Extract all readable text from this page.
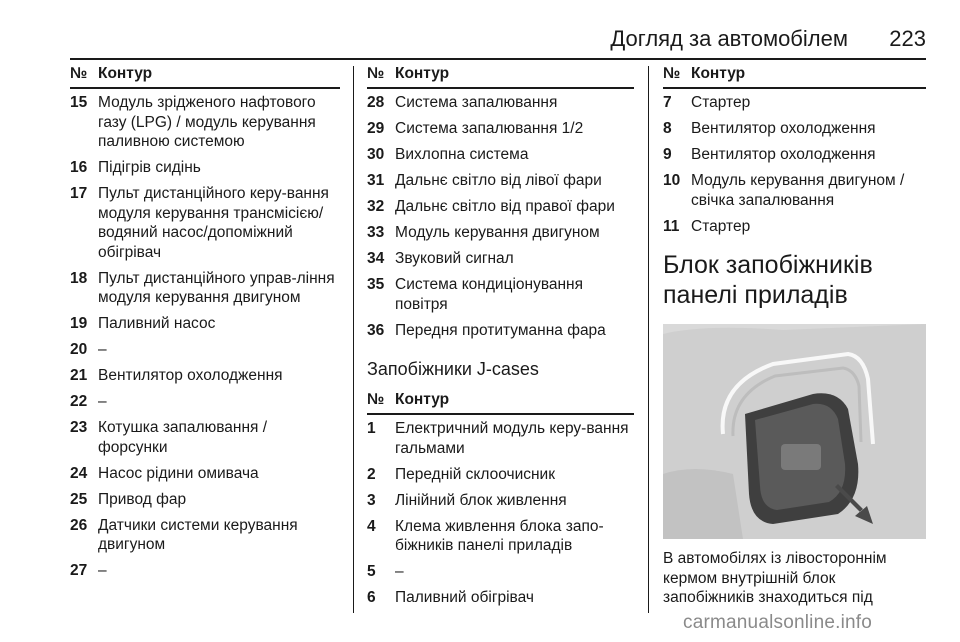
Догляд за автомобілем 223
№ Контур
15 Модуль зрідженого нафтового газу (LPG) / модуль керування паливною системою
16 Підігрів сидінь
17 Пульт дистанційного керу-вання модуля керування трансмісією/водяний насос/допоміжний обігрівач
18 Пульт дистанційного управ-ління модуля керування двигуном
19 Паливний насос
20 –
21 Вентилятор охолодження
22 –
23 Котушка запалювання / форсунки
24 Насос рідини омивача
25 Привод фар
26 Датчики системи керування двигуном
27 –
№ Контур
28 Система запалювання
29 Система запалювання 1/2
30 Вихлопна система
31 Дальнє світло від лівої фари
32 Дальнє світло від правої фари
33 Модуль керування двигуном
34 Звуковий сигнал
35 Система кондиціонування повітря
36 Передня протитуманна фара
Запобіжники J-cases
№ Контур
1	Електричний модуль керу-вання гальмами
2	Передній склоочисник
3	Лінійний блок живлення
4	Клема живлення блока запо-біжників панелі приладів
5	–
6	Паливний обігрівач
№ Контур
7	Стартер
8	Вентилятор охолодження
9	Вентилятор охолодження
10 Модуль керування двигуном / свічка запалювання
11 Стартер
Блок запобіжників панелі приладів
В автомобілях із лівостороннім кермом внутрішній блок запобіжників знаходиться під
carmanualsonline.info
